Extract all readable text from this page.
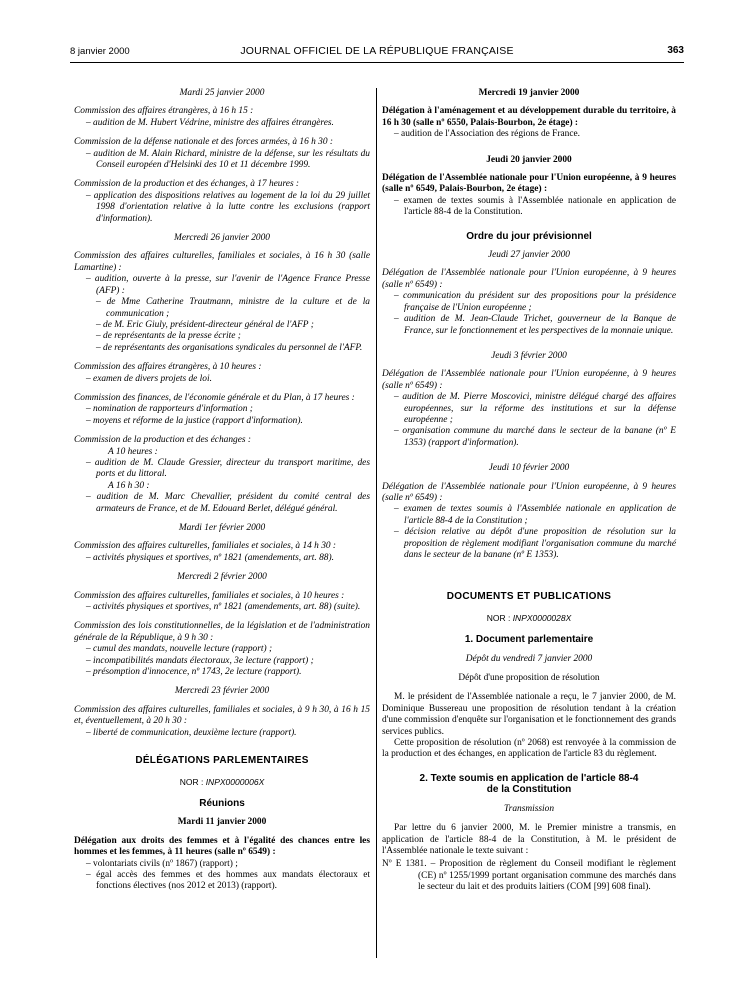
8 janvier 2000	JOURNAL OFFICIEL DE LA RÉPUBLIQUE FRANÇAISE	363
Mardi 25 janvier 2000

Commission des affaires étrangères, à 16 h 15 :

– audition de M. Hubert Védrine, ministre des affaires étrangères.

Commission de la défense nationale et des forces armées, à 16 h 30 :

– audition de M. Alain Richard, ministre de la défense, sur les résultats du Conseil européen d'Helsinki des 10 et 11 décembre 1999.

Commission de la production et des échanges, à 17 heures :

– application des dispositions relatives au logement de la loi du 29 juillet 1998 d'orientation relative à la lutte contre les exclusions (rapport d'information).

Mercredi 26 janvier 2000

Commission des affaires culturelles, familiales et sociales, à 16 h 30 (salle Lamartine) :

– audition, ouverte à la presse, sur l'avenir de l'Agence France Presse (AFP) :

– de Mme Catherine Trautmann, ministre de la culture et de la communication ;

– de M. Eric Giuly, président-directeur général de l'AFP ;

– de représentants de la presse écrite ;

– de représentants des organisations syndicales du personnel de l'AFP.

Commission des affaires étrangères, à 10 heures :

– examen de divers projets de loi.

Commission des finances, de l'économie générale et du Plan, à 17 heures :

– nomination de rapporteurs d'information ;

– moyens et réforme de la justice (rapport d'information).

Commission de la production et des échanges :

A 10 heures :

– audition de M. Claude Gressier, directeur du transport maritime, des ports et du littoral.

A 16 h 30 :

– audition de M. Marc Chevallier, président du comité central des armateurs de France, et de M. Edouard Berlet, délégué général.

Mardi 1er février 2000

Commission des affaires culturelles, familiales et sociales, à 14 h 30 :

– activités physiques et sportives, nº 1821 (amendements, art. 88).

Mercredi 2 février 2000

Commission des affaires culturelles, familiales et sociales, à 10 heures :

– activités physiques et sportives, nº 1821 (amendements, art. 88) (suite).

Commission des lois constitutionnelles, de la législation et de l'administration générale de la République, à 9 h 30 :

– cumul des mandats, nouvelle lecture (rapport) ;

– incompatibilités mandats électoraux, 3e lecture (rapport) ;

– présomption d'innocence, nº 1743, 2e lecture (rapport).

Mercredi 23 février 2000

Commission des affaires culturelles, familiales et sociales, à 9 h 30, à 16 h 15 et, éventuellement, à 20 h 30 :

– liberté de communication, deuxième lecture (rapport).

DÉLÉGATIONS PARLEMENTAIRES
NOR : INPX0000006X
Réunions
Mardi 11 janvier 2000

Délégation aux droits des femmes et à l'égalité des chances entre les hommes et les femmes, à 11 heures (salle nº 6549) :

– volontariats civils (nº 1867) (rapport) ;

– égal accès des femmes et des hommes aux mandats électoraux et fonctions électives (nos 2012 et 2013) (rapport).

Mercredi 19 janvier 2000

Délégation à l'aménagement et au développement durable du territoire, à 16 h 30 (salle nº 6550, Palais-Bourbon, 2e étage) :

– audition de l'Association des régions de France.

Jeudi 20 janvier 2000

Délégation de l'Assemblée nationale pour l'Union européenne, à 9 heures (salle nº 6549, Palais-Bourbon, 2e étage) :

– examen de textes soumis à l'Assemblée nationale en application de l'article 88-4 de la Constitution.

Ordre du jour prévisionnel
Jeudi 27 janvier 2000

Délégation de l'Assemblée nationale pour l'Union européenne, à 9 heures (salle nº 6549) :

– communication du président sur des propositions pour la présidence française de l'Union européenne ;

– audition de M. Jean-Claude Trichet, gouverneur de la Banque de France, sur le fonctionnement et les perspectives de la monnaie unique.

Jeudi 3 février 2000

Délégation de l'Assemblée nationale pour l'Union européenne, à 9 heures (salle nº 6549) :

– audition de M. Pierre Moscovici, ministre délégué chargé des affaires européennes, sur la réforme des institutions et sur la défense européenne ;

– organisation commune du marché dans le secteur de la banane (nº E 1353) (rapport d'information).

Jeudi 10 février 2000

Délégation de l'Assemblée nationale pour l'Union européenne, à 9 heures (salle nº 6549) :

– examen de textes soumis à l'Assemblée nationale en application de l'article 88-4 de la Constitution ;

– décision relative au dépôt d'une proposition de résolution sur la proposition de règlement modifiant l'organisation commune du marché dans le secteur de la banane (nº E 1353).

DOCUMENTS ET PUBLICATIONS
NOR : INPX0000028X
1. Document parlementaire
Dépôt du vendredi 7 janvier 2000
Dépôt d'une proposition de résolution

M. le président de l'Assemblée nationale a reçu, le 7 janvier 2000, de M. Dominique Bussereau une proposition de résolution tendant à la création d'une commission d'enquête sur l'organisation et le fonctionnement des grands services publics.

Cette proposition de résolution (nº 2068) est renvoyée à la commission de la production et des échanges, en application de l'article 83 du règlement.

2. Texte soumis en application de l'article 88-4
de la Constitution
Transmission

Par lettre du 6 janvier 2000, M. le Premier ministre a transmis, en application de l'article 88-4 de la Constitution, à M. le président de l'Assemblée nationale le texte suivant :

Nº E 1381. – Proposition de règlement du Conseil modifiant le règlement (CE) nº 1255/1999 portant organisation commune des marchés dans le secteur du lait et des produits laitiers (COM [99] 608 final).
